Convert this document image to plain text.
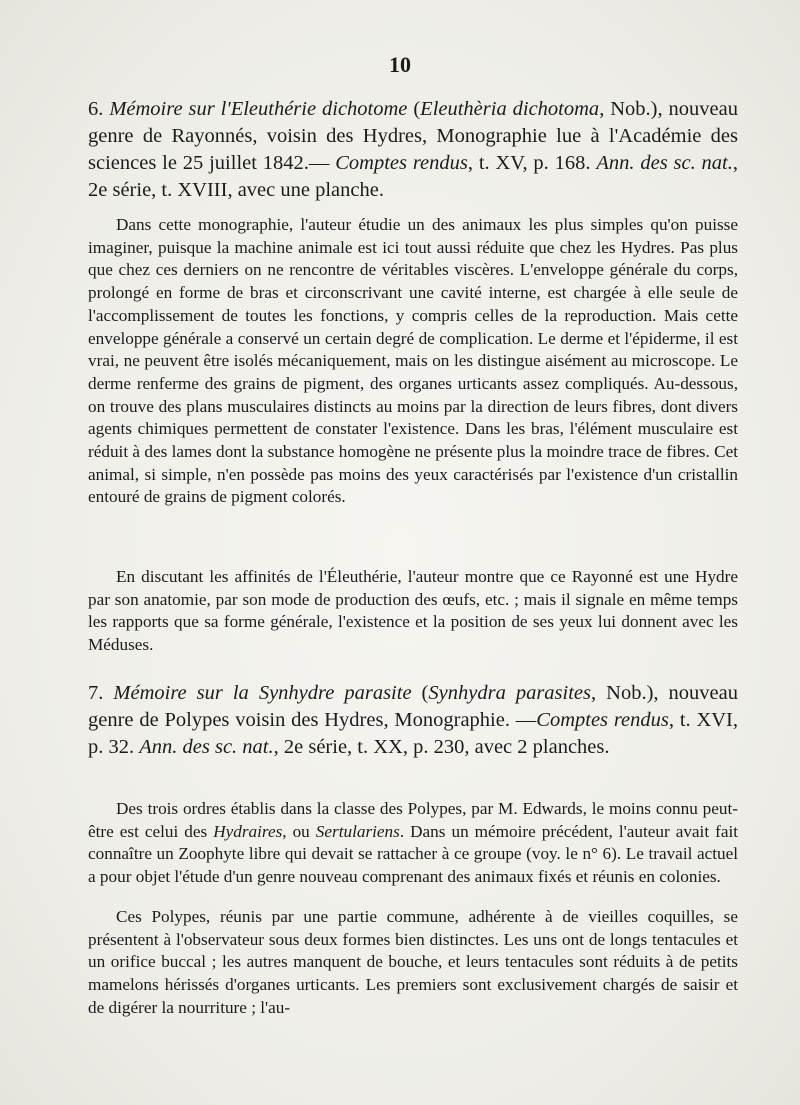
10
6. Mémoire sur l'Eleuthérie dichotome (Eleuthèria dichotoma, Nob.), nouveau genre de Rayonnés, voisin des Hydres, Monographie lue à l'Académie des sciences le 25 juillet 1842.— Comptes rendus, t. XV, p. 168. Ann. des sc. nat., 2e série, t. XVIII, avec une planche.

Dans cette monographie, l'auteur étudie un des animaux les plus simples qu'on puisse imaginer, puisque la machine animale est ici tout aussi réduite que chez les Hydres. Pas plus que chez ces derniers on ne rencontre de véritables viscères. L'enveloppe générale du corps, prolongé en forme de bras et circonscrivant une cavité interne, est chargée à elle seule de l'accomplissement de toutes les fonctions, y compris celles de la reproduction. Mais cette enveloppe générale a conservé un certain degré de complication. Le derme et l'épiderme, il est vrai, ne peuvent être isolés mécaniquement, mais on les distingue aisément au microscope. Le derme renferme des grains de pigment, des organes urticants assez compliqués. Au-dessous, on trouve des plans musculaires distincts au moins par la direction de leurs fibres, dont divers agents chimiques permettent de constater l'existence. Dans les bras, l'élément musculaire est réduit à des lames dont la substance homogène ne présente plus la moindre trace de fibres. Cet animal, si simple, n'en possède pas moins des yeux caractérisés par l'existence d'un cristallin entouré de grains de pigment colorés.

En discutant les affinités de l'Éleuthérie, l'auteur montre que ce Rayonné est une Hydre par son anatomie, par son mode de production des œufs, etc. ; mais il signale en même temps les rapports que sa forme générale, l'existence et la position de ses yeux lui donnent avec les Méduses.

7. Mémoire sur la Synhydre parasite (Synhydra parasites, Nob.), nouveau genre de Polypes voisin des Hydres, Monographie. —Comptes rendus, t. XVI, p. 32. Ann. des sc. nat., 2e série, t. XX, p. 230, avec 2 planches.

Des trois ordres établis dans la classe des Polypes, par M. Edwards, le moins connu peut-être est celui des Hydraires, ou Sertulariens. Dans un mémoire précédent, l'auteur avait fait connaître un Zoophyte libre qui devait se rattacher à ce groupe (voy. le n° 6). Le travail actuel a pour objet l'étude d'un genre nouveau comprenant des animaux fixés et réunis en colonies.

Ces Polypes, réunis par une partie commune, adhérente à de vieilles coquilles, se présentent à l'observateur sous deux formes bien distinctes. Les uns ont de longs tentacules et un orifice buccal ; les autres manquent de bouche, et leurs tentacules sont réduits à de petits mamelons hérissés d'organes urticants. Les premiers sont exclusivement chargés de saisir et de digérer la nourriture ; l'au-
